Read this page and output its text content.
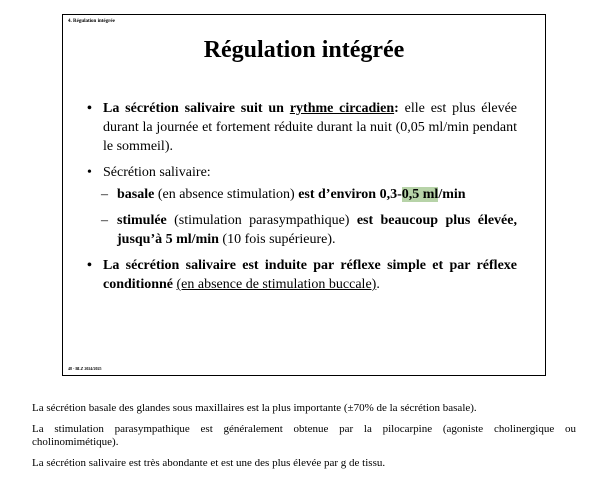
4. Régulation intégrée
Régulation intégrée
• La sécrétion salivaire suit un rythme circadien: elle est plus élevée durant la journée et fortement réduite durant la nuit (0,05 ml/min pendant le sommeil).
• Sécrétion salivaire:
– basale (en absence stimulation) est d’environ 0,3-0,5 ml/min
– stimulée (stimulation parasympathique) est beaucoup plus élevée, jusqu’à 5 ml/min (10 fois supérieure).
• La sécrétion salivaire est induite par réflexe simple et par réflexe conditionné (en absence de stimulation buccale).
48 - BLZ 2024/2025

La sécrétion basale des glandes sous maxillaires est la plus importante (±70% de la sécrétion basale).

La stimulation parasympathique est généralement obtenue par la pilocarpine (agoniste cholinergique ou cholinomimétique).

La sécrétion salivaire est très abondante et est une des plus élevée par g de tissu.
